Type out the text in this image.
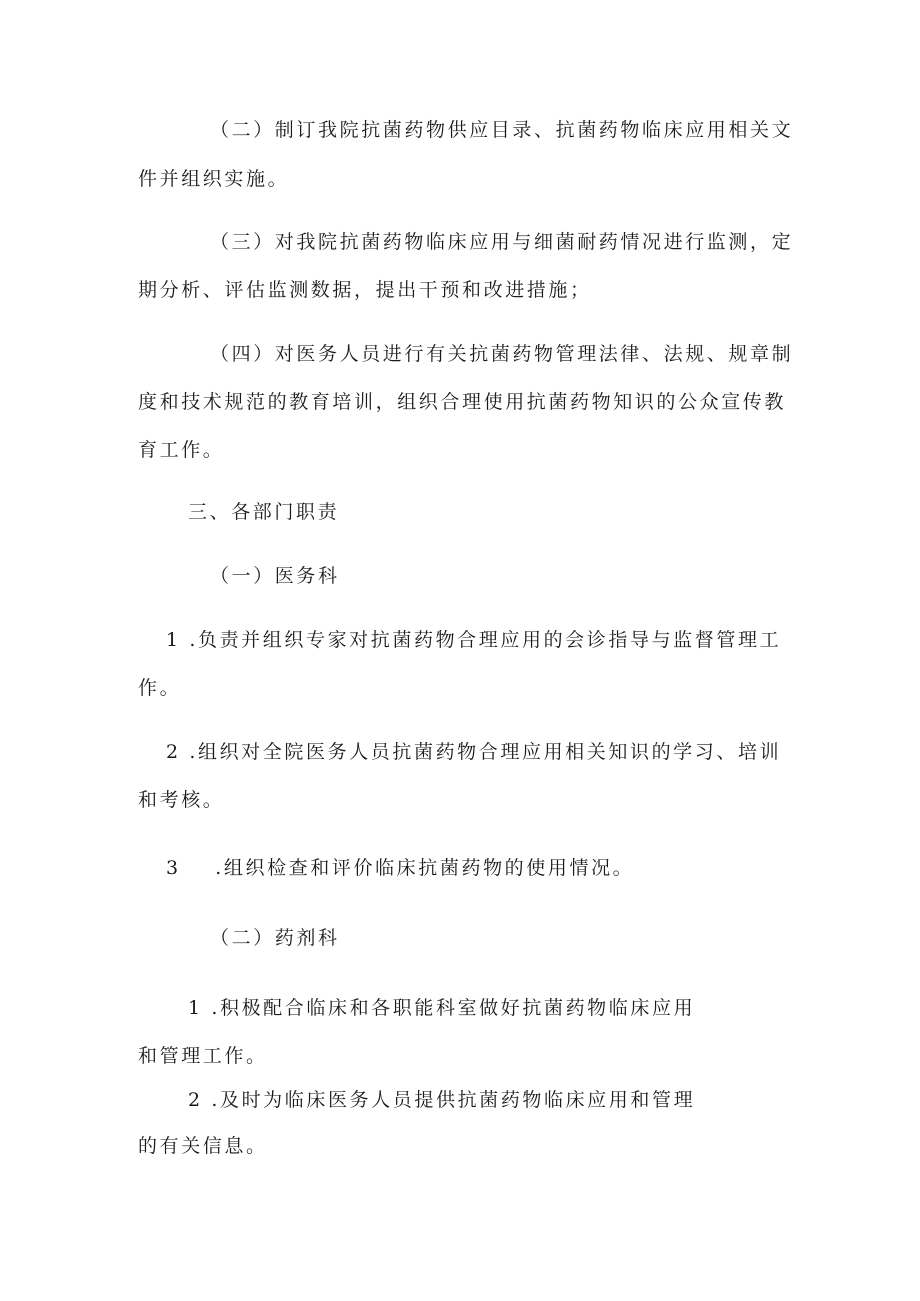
（二）制订我院抗菌药物供应目录、抗菌药物临床应用相关文
件并组织实施。
（三）对我院抗菌药物临床应用与细菌耐药情况进行监测，定
期分析、评估监测数据，提出干预和改进措施；
（四）对医务人员进行有关抗菌药物管理法律、法规、规章制
度和技术规范的教育培训，组织合理使用抗菌药物知识的公众宣传教
育工作。
三、各部门职责
（一）医务科
1 .负责并组织专家对抗菌药物合理应用的会诊指导与监督管理工
作。
2 .组织对全院医务人员抗菌药物合理应用相关知识的学习、培训
和考核。
3    .组织检查和评价临床抗菌药物的使用情况。
（二）药剂科
1 .积极配合临床和各职能科室做好抗菌药物临床应用
和管理工作。
2 .及时为临床医务人员提供抗菌药物临床应用和管理
的有关信息。
